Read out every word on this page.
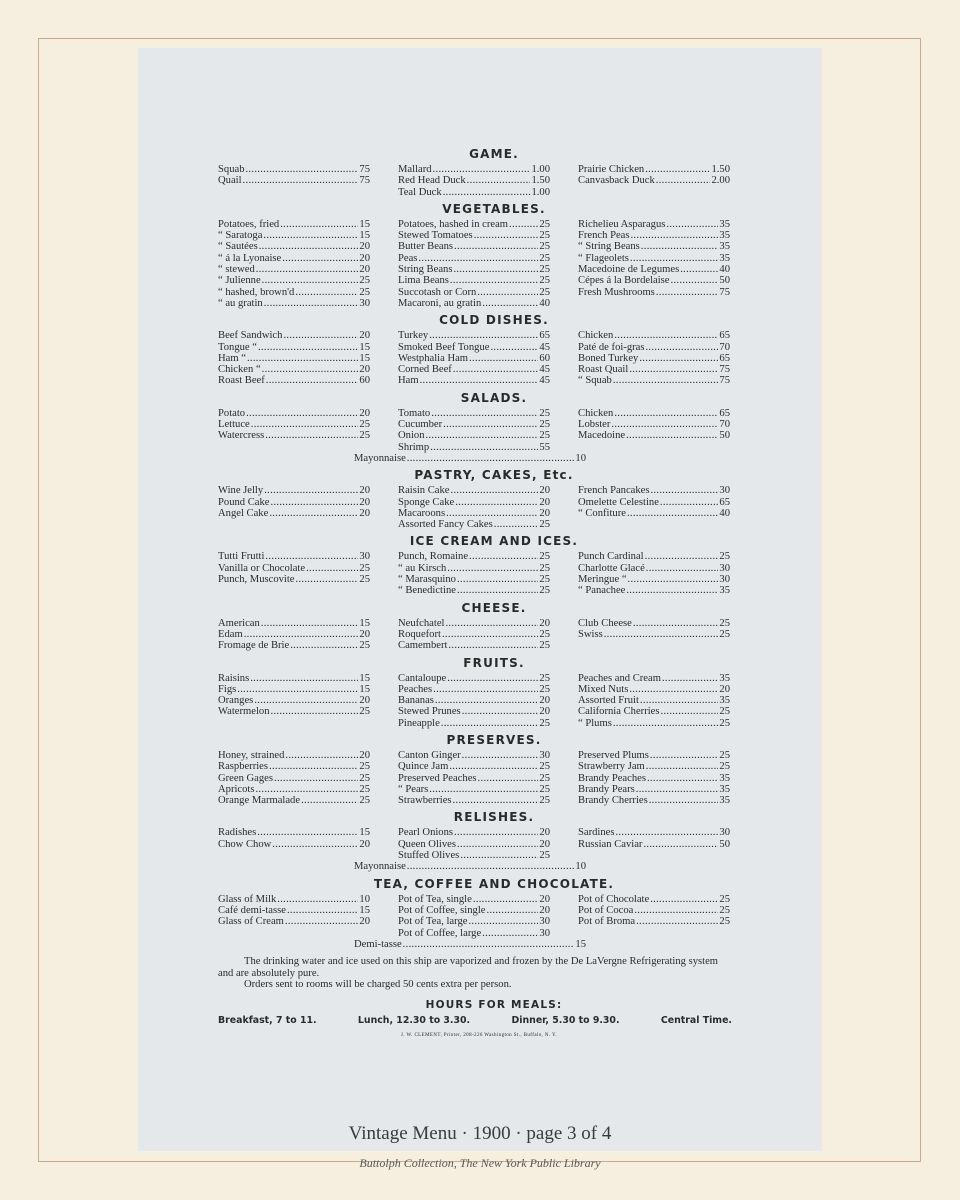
GAME.
Squab .....	75
Quail .....	75
Mallard .....	1.00
Red Head Duck .....	1.50
Teal Duck .....	1.00
Prairie Chicken .....	1.50
Canvasback Duck .....	2.00
VEGETABLES.
Potatoes, fried .....	15
“ Saratoga .....	15
“ Sautées .....	20
“ á la Lyonaise .....	20
“ stewed .....	20
“ Julienne .....	25
“ hashed, brown'd .....	25
“ au gratin .....	30
Potatoes, hashed in cream .....	25
Stewed Tomatoes .....	25
Butter Beans .....	25
Peas .....	25
String Beans .....	25
Lima Beans .....	25
Succotash or Corn .....	25
Macaroni, au gratin .....	40
Richelieu Asparagus .....	35
French Peas .....	35
“ String Beans .....	35
“ Flageolets .....	35
Macedoine de Legumes .....	40
Cépes á la Bordelaise .....	50
Fresh Mushrooms .....	75
COLD DISHES.
Beef Sandwich .....	20
Tongue “ .....	15
Ham “ .....	15
Chicken “ .....	20
Roast Beef .....	60
Turkey .....	65
Smoked Beef Tongue .....	45
Westphalia Ham .....	60
Corned Beef .....	45
Ham .....	45
Chicken .....	65
Paté de foi-gras .....	70
Boned Turkey .....	65
Roast Quail .....	75
“ Squab .....	75
SALADS.
Potato .....	20
Lettuce .....	25
Watercress .....	25
Tomato .....	25
Cucumber .....	25
Onion .....	25
Shrimp .....	55
Chicken .....	65
Lobster .....	70
Macedoine .....	50
Mayonnaise .....	10
PASTRY, CAKES, Etc.
Wine Jelly .....	20
Pound Cake .....	20
Angel Cake .....	20
Raisin Cake .....	20
Sponge Cake .....	20
Macaroons .....	20
Assorted Fancy Cakes .....	25
French Pancakes .....	30
Omelette Celestine .....	65
“ Confiture .....	40
ICE CREAM AND ICES.
Tutti Frutti .....	30
Vanilla or Chocolate .....	25
Punch, Muscovite .....	25
Punch, Romaine .....	25
“ au Kirsch .....	25
“ Marasquino .....	25
“ Benedictine .....	25
Punch Cardinal .....	25
Charlotte Glacé .....	30
Meringue “ .....	30
“ Panachee .....	35
CHEESE.
American .....	15
Edam .....	20
Fromage de Brie .....	25
Neufchatel .....	20
Roquefort .....	25
Camembert .....	25
Club Cheese .....	25
Swiss .....	25
FRUITS.
Raisins .....	15
Figs .....	15
Oranges .....	20
Watermelon .....	25
Cantaloupe .....	25
Peaches .....	25
Bananas .....	20
Stewed Prunes .....	20
Pineapple .....	25
Peaches and Cream .....	35
Mixed Nuts .....	20
Assorted Fruit .....	35
California Cherries .....	25
“ Plums .....	25
PRESERVES.
Honey, strained .....	20
Raspberries .....	25
Green Gages .....	25
Apricots .....	25
Orange Marmalade .....	25
Canton Ginger .....	30
Quince Jam .....	25
Preserved Peaches .....	25
“ Pears .....	25
Strawberries .....	25
Preserved Plums .....	25
Strawberry Jam .....	25
Brandy Peaches .....	35
Brandy Pears .....	35
Brandy Cherries .....	35
RELISHES.
Radishes .....	15
Chow Chow .....	20
Pearl Onions .....	20
Queen Olives .....	20
Stuffed Olives .....	25
Sardines .....	30
Russian Caviar .....	50
Mayonnaise .....	10
TEA, COFFEE AND CHOCOLATE.
Glass of Milk .....	10
Café demi-tasse .....	15
Glass of Cream .....	20
Pot of Tea, single .....	20
Pot of Coffee, single .....	20
Pot of Tea, large .....	30
Pot of Coffee, large .....	30
Pot of Chocolate .....	25
Pot of Cocoa .....	25
Pot of Broma .....	25
Demi-tasse .....	15

The drinking water and ice used on this ship are vaporized and frozen by the De LaVergne Refrigerating system and are absolutely pure.

Orders sent to rooms will be charged 50 cents extra per person.

HOURS FOR MEALS:
Breakfast, 7 to 11.	Lunch, 12.30 to 3.30.	Dinner, 5.30 to 9.30.	Central Time.
J. W. CLEMENT, Printer, 208-226 Washington St., Buffalo, N. Y.
Vintage Menu · 1900 · page 3 of 4
Buttolph Collection, The New York Public Library
